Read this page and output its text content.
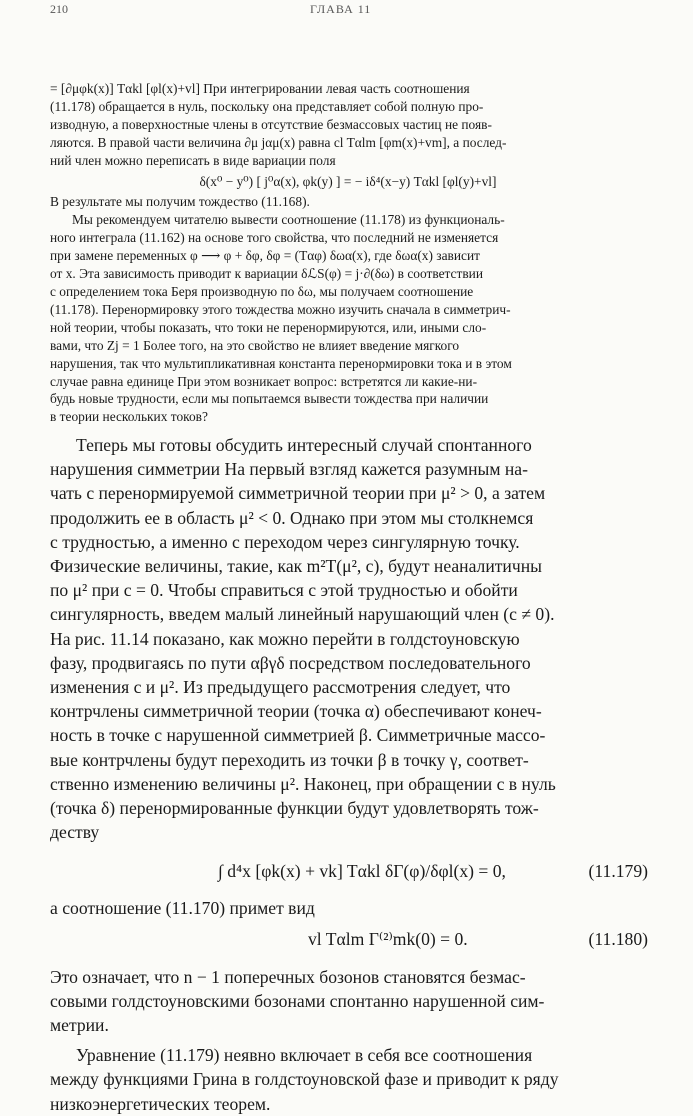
210	ГЛАВА 11

= [∂μφk(x)] Tαkl [φl(x)+vl] При интегрировании левая часть соотношения
(11.178) обращается в нуль, поскольку она представляет собой полную про-
изводную, а поверхностные члены в отсутствие безмассовых частиц не появ-
ляются. В правой части величина ∂μ jαμ(x) равна cl Tαlm [φm(x)+vm], а послед-
ний член можно переписать в виде вариации поля

δ(x⁰ − y⁰) [ j⁰α(x), φk(y) ] = − iδ⁴(x−y) Tαkl [φl(y)+vl]

В результате мы получим тождество (11.168).

Мы рекомендуем читателю вывести соотношение (11.178) из функциональ-
ного интеграла (11.162) на основе того свойства, что последний не изменяется
при замене переменных φ ⟶ φ + δφ, δφ = (Tαφ) δωα(x), где δωα(x) зависит
от x. Эта зависимость приводит к вариации δℒS(φ) = j·∂(δω) в соответствии
с определением тока Беря производную по δω, мы получаем соотношение
(11.178). Перенормировку этого тождества можно изучить сначала в симметрич-
ной теории, чтобы показать, что токи не перенормируются, или, иными сло-
вами, что Zj = 1 Более того, на это свойство не влияет введение мягкого
нарушения, так что мультипликативная константа перенормировки тока и в этом
случае равна единице При этом возникает вопрос: встретятся ли какие-ни-
будь новые трудности, если мы попытаемся вывести тождества при наличии
в теории нескольких токов?

Теперь мы готовы обсудить интересный случай спонтанного
нарушения симметрии На первый взгляд кажется разумным на-
чать с перенормируемой симметричной теории при μ² > 0, а затем
продолжить ее в область μ² < 0. Однако при этом мы столкнемся
с трудностью, а именно с переходом через сингулярную точку.
Физические величины, такие, как m²T(μ², c), будут неаналитичны
по μ² при c = 0. Чтобы справиться с этой трудностью и обойти
сингулярность, введем малый линейный нарушающий член (c ≠ 0).
На рис. 11.14 показано, как можно перейти в голдстоуновскую
фазу, продвигаясь по пути αβγδ посредством последовательного
изменения c и μ². Из предыдущего рассмотрения следует, что
контрчлены симметричной теории (точка α) обеспечивают конеч-
ность в точке с нарушенной симметрией β. Симметричные массо-
вые контрчлены будут переходить из точки β в точку γ, соответ-
ственно изменению величины μ². Наконец, при обращении c в нуль
(точка δ) перенормированные функции будут удовлетворять тож-
деству

∫ d⁴x [φk(x) + vk] Tαkl δΓ(φ)/δφl(x) = 0,	(11.179)

а соотношение (11.170) примет вид

vl Tαlm Γ⁽²⁾mk(0) = 0.	(11.180)

Это означает, что n − 1 поперечных бозонов становятся безмас-
совыми голдстоуновскими бозонами спонтанно нарушенной сим-
метрии.

Уравнение (11.179) неявно включает в себя все соотношения
между функциями Грина в голдстоуновской фазе и приводит к ряду
низкоэнергетических теорем.
